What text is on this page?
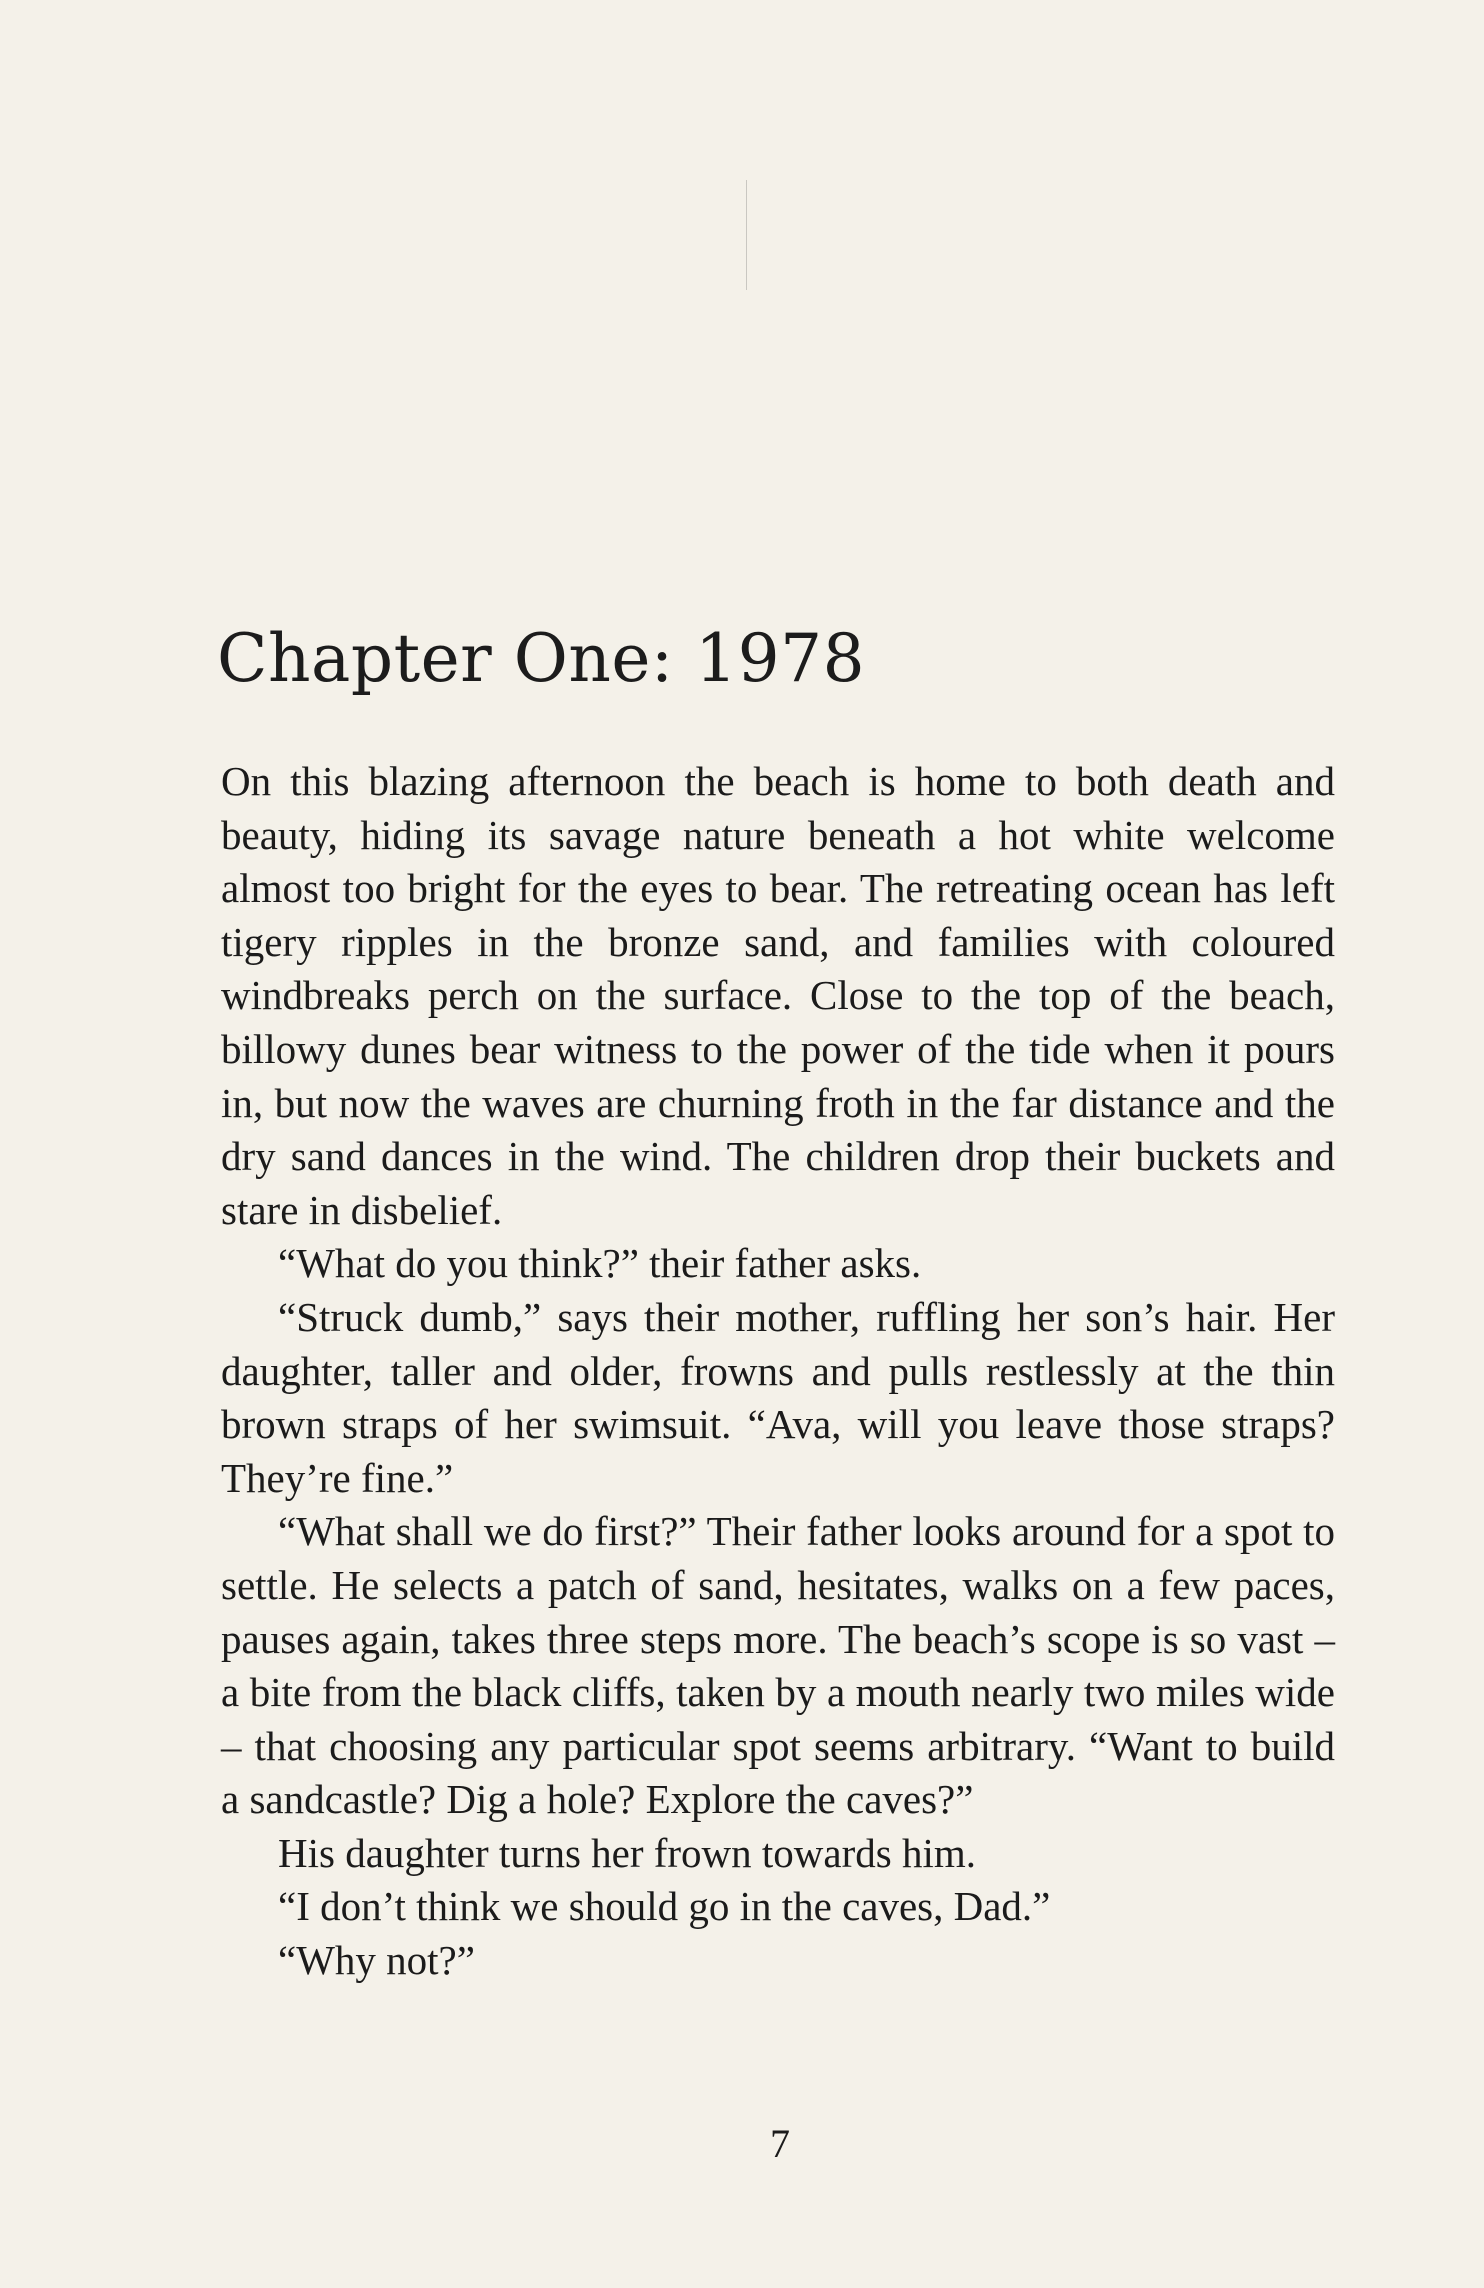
Chapter One: 1978

On this blazing afternoon the beach is home to both death and beauty, hiding its savage nature beneath a hot white welcome almost too bright for the eyes to bear. The retreating ocean has left tigery ripples in the bronze sand, and families with coloured windbreaks perch on the surface. Close to the top of the beach, billowy dunes bear witness to the power of the tide when it pours in, but now the waves are churning froth in the far distance and the dry sand dances in the wind. The children drop their buckets and stare in disbelief.

“What do you think?” their father asks.

“Struck dumb,” says their mother, ruffling her son’s hair. Her daughter, taller and older, frowns and pulls restlessly at the thin brown straps of her swimsuit. “Ava, will you leave those straps? They’re fine.”

“What shall we do first?” Their father looks around for a spot to settle. He selects a patch of sand, hesitates, walks on a few paces, pauses again, takes three steps more. The beach’s scope is so vast – a bite from the black cliffs, taken by a mouth nearly two miles wide – that choosing any particular spot seems arbitrary. “Want to build a sandcastle? Dig a hole? Explore the caves?”

His daughter turns her frown towards him.

“I don’t think we should go in the caves, Dad.”

“Why not?”

7
